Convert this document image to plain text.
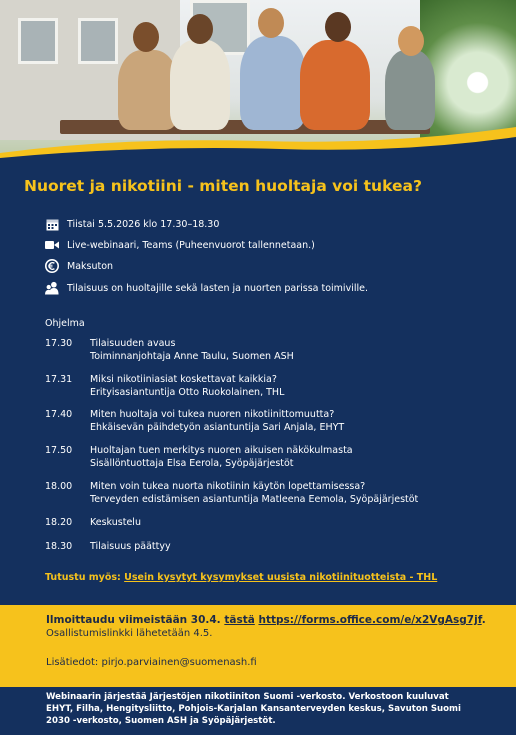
Nuoret ja nikotiini - miten huoltaja voi tukea?
Tiistai 5.5.2026 klo 17.30–18.30
Live-webinaari, Teams (Puheenvuorot tallennetaan.)
Maksuton
Tilaisuus on huoltajille sekä lasten ja nuorten parissa toimiville.
Ohjelma
17.30	Tilaisuuden avaus
Toiminnanjohtaja Anne Taulu, Suomen ASH
17.31	Miksi nikotiiniasiat koskettavat kaikkia?
Erityisasiantuntija Otto Ruokolainen, THL
17.40	Miten huoltaja voi tukea nuoren nikotiinittomuutta?
Ehkäisevän päihdetyön asiantuntija Sari Anjala, EHYT
17.50	Huoltajan tuen merkitys nuoren aikuisen näkökulmasta
Sisällöntuottaja Elsa Eerola, Syöpäjärjestöt
18.00	Miten voin tukea nuorta nikotiinin käytön lopettamisessa?
Terveyden edistämisen asiantuntija Matleena Eemola, Syöpäjärjestöt
18.20	Keskustelu
18.30	Tilaisuus päättyy
Tutustu myös: Usein kysytyt kysymykset uusista nikotiinituotteista - THL
Ilmoittaudu viimeistään 30.4. tästä https://forms.office.com/e/x2VgAsg7jf.
Osallistumislinkki lähetetään 4.5.
Lisätiedot: pirjo.parviainen@suomenash.fi
Webinaarin järjestää Järjestöjen nikotiiniton Suomi -verkosto. Verkostoon kuuluvat EHYT, Filha, Hengitysliitto, Pohjois-Karjalan Kansanterveyden keskus, Savuton Suomi 2030 -verkosto, Suomen ASH ja Syöpäjärjestöt.
